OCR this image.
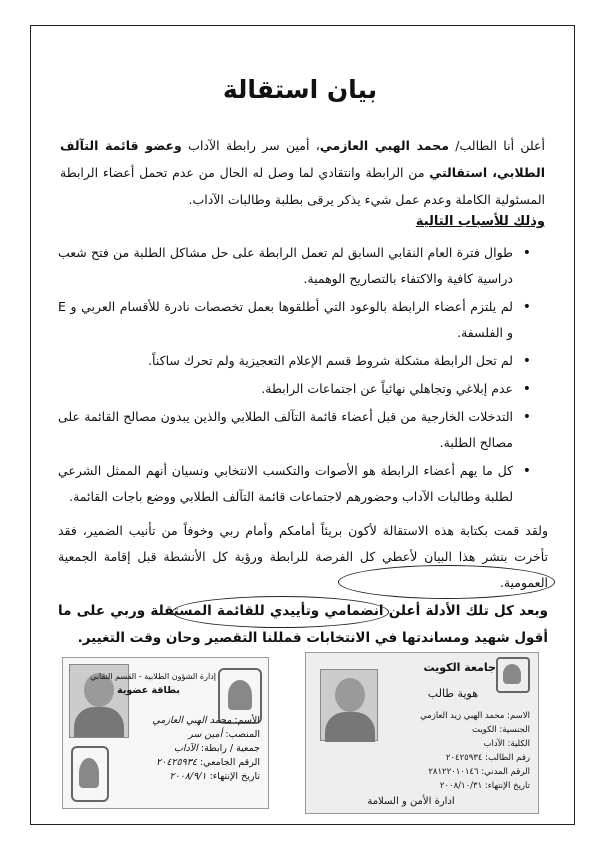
بيان استقالة
أعلن أنا الطالب/ محمد الهبي العازمي، أمين سر رابطة الآداب وعضو قائمة التآلف الطلابي، استقالتي من الرابطة وانتقادي لما وصل له الحال من عدم تحمل أعضاء الرابطة المسئولية الكاملة وعدم عمل شيء يذكر يرقى بطلبة وطالبات الآداب.
وذلك للأسباب التالية
• طوال فترة العام النقابي السابق لم تعمل الرابطة على حل مشاكل الطلبة من فتح شعب دراسية كافية والاكتفاء بالتصاريح الوهمية.
• لم يلتزم أعضاء الرابطة بالوعود التي أطلقوها بعمل تخصصات نادرة للأقسام العربي و E و الفلسفة.
• لم تحل الرابطة مشكلة شروط قسم الإعلام التعجيزية ولم تحرك ساكناً.
• عدم إبلاغي وتجاهلي نهائياً عن اجتماعات الرابطة.
• التدخلات الخارجية من قبل أعضاء قائمة التآلف الطلابي والذين يبدون مصالح القائمة على مصالح الطلبة.
• كل ما يهم أعضاء الرابطة هو الأصوات والتكسب الانتخابي ونسيان أنهم الممثل الشرعي لطلبة وطالبات الآداب وحضورهم لاجتماعات قائمة التآلف الطلابي ووضع باجات القائمة.
ولقد قمت بكتابة هذه الاستقالة لأكون بريئاً أمامكم وأمام ربي وخوفاً من تأنيب الضمير، فقد تأخرت بنشر هذا البيان لأعطي كل الفرصة للرابطة ورؤية كل الأنشطة قبل إقامة الجمعية العمومية.
وبعد كل تلك الأدلة أعلن انضمامي وتأييدي للقائمة المستقلة وربي على ما أقول شهيد ومساندتها في الانتخابات فمللنا التقصير وحان وقت التغيير.
إدارة الشؤون الطلابية - القسم النقابي
بطاقة عضوية
الأسم: محمد الهبي العازمي
المنصب: أمين سر
جمعية / رابطة: الآداب
الرقم الجامعي: ٢٠٤٢٥٩٣٤
تاريخ الإنتهاء: ٢٠٠٨/٩/١
جامعة الكويت
هوية طالب
الاسم: محمد الهبي زيد العازمي
الجنسية: الكويت
الكلية: الآداب
رقم الطالب: ٢٠٤٢٥٩٣٤
الرقم المدني: ٢٨١٢٢٠١٠١٤٦
تاريخ الإنتهاء: ٢٠٠٨/١٠/٣١
ادارة الأمن و السلامة
